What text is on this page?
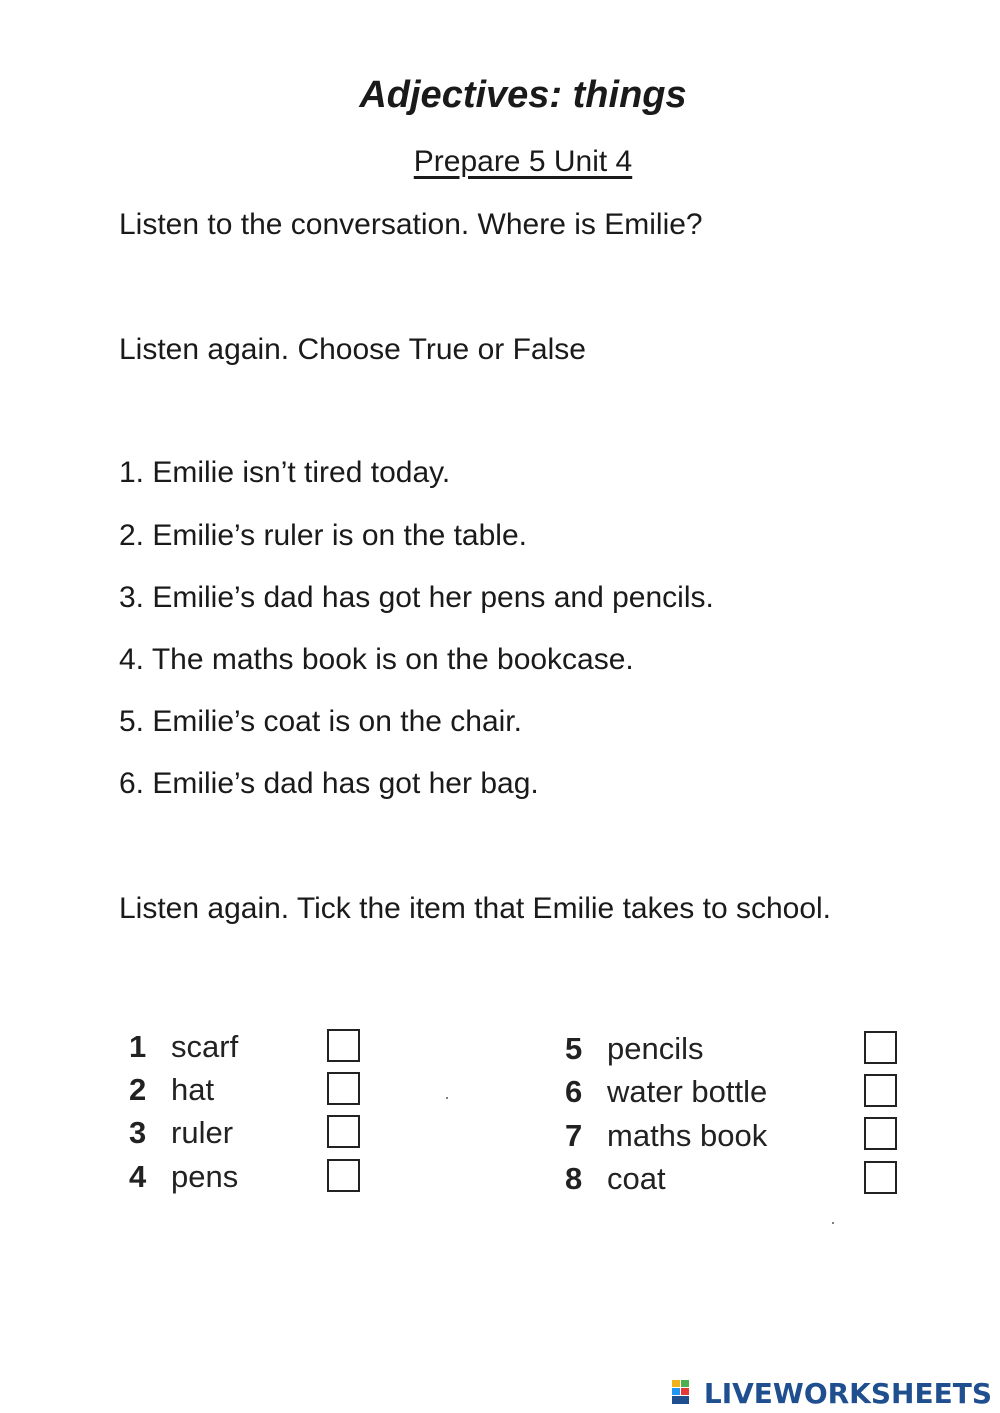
Adjectives: things
Prepare 5 Unit 4
Listen to the conversation. Where is Emilie?
Listen again. Choose True or False
1. Emilie isn’t tired today.
2. Emilie’s ruler is on the table.
3. Emilie’s dad has got her pens and pencils.
4. The maths book is on the bookcase.
5. Emilie’s coat is on the chair.
6. Emilie’s dad has got her bag.
Listen again. Tick the item that Emilie takes to school.
1 scarf
2 hat
3 ruler
4 pens
5 pencils
6 water bottle
7 maths book
8 coat
LIVEWORKSHEETS
